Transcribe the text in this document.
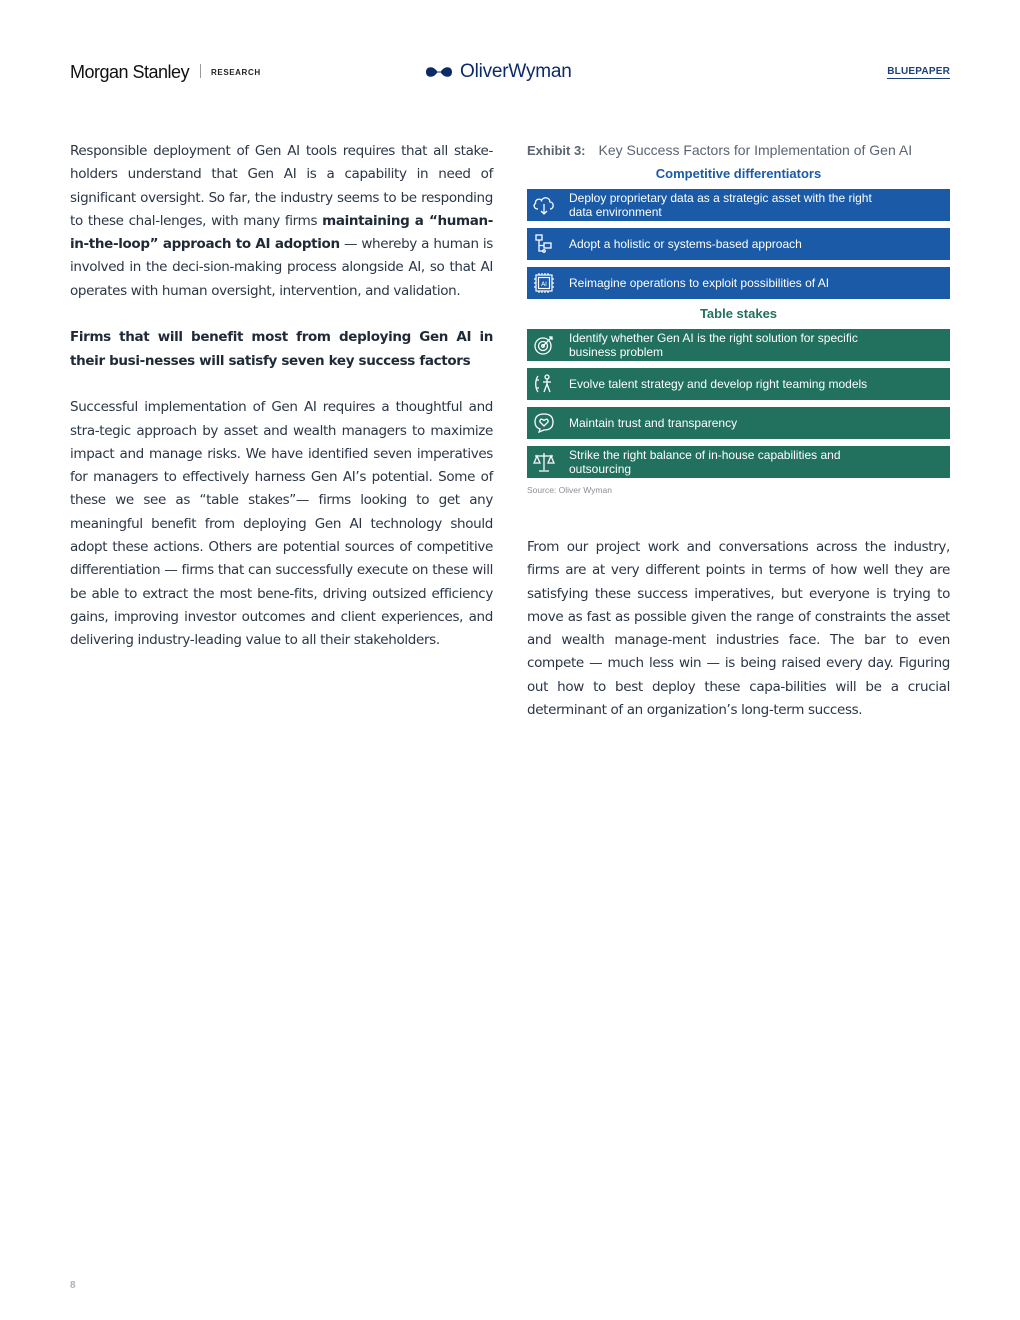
Morgan Stanley	RESEARCH	OliverWyman	BLUEPAPER

Responsible deployment of Gen AI tools requires that all stake-holders understand that Gen AI is a capability in need of significant oversight. So far, the industry seems to be responding to these chal-lenges, with many firms maintaining a “human-in-the-loop” approach to AI adoption — whereby a human is involved in the deci-sion-making process alongside AI, so that AI operates with human oversight, intervention, and validation.

Firms that will benefit most from deploying Gen AI in their busi-nesses will satisfy seven key success factors

Successful implementation of Gen AI requires a thoughtful and stra-tegic approach by asset and wealth managers to maximize impact and manage risks. We have identified seven imperatives for managers to effectively harness Gen AI’s potential. Some of these we see as “table stakes”— firms looking to get any meaningful benefit from deploying Gen AI technology should adopt these actions. Others are potential sources of competitive differentiation — firms that can successfully execute on these will be able to extract the most bene-fits, driving outsized efficiency gains, improving investor outcomes and client experiences, and delivering industry-leading value to all their stakeholders.

Exhibit 3: Key Success Factors for Implementation of Gen AI
Competitive differentiators
Deploy proprietary data as a strategic asset with the right data environment
Adopt a holistic or systems-based approach
AI	Reimagine operations to exploit possibilities of AI
Table stakes
Identify whether Gen AI is the right solution for specific business problem
Evolve talent strategy and develop right teaming models
Maintain trust and transparency
Strike the right balance of in-house capabilities and outsourcing
Source: Oliver Wyman

From our project work and conversations across the industry, firms are at very different points in terms of how well they are satisfying these success imperatives, but everyone is trying to move as fast as possible given the range of constraints the asset and wealth manage-ment industries face. The bar to even compete — much less win — is being raised every day. Figuring out how to best deploy these capa-bilities will be a crucial determinant of an organization’s long-term success.

8
